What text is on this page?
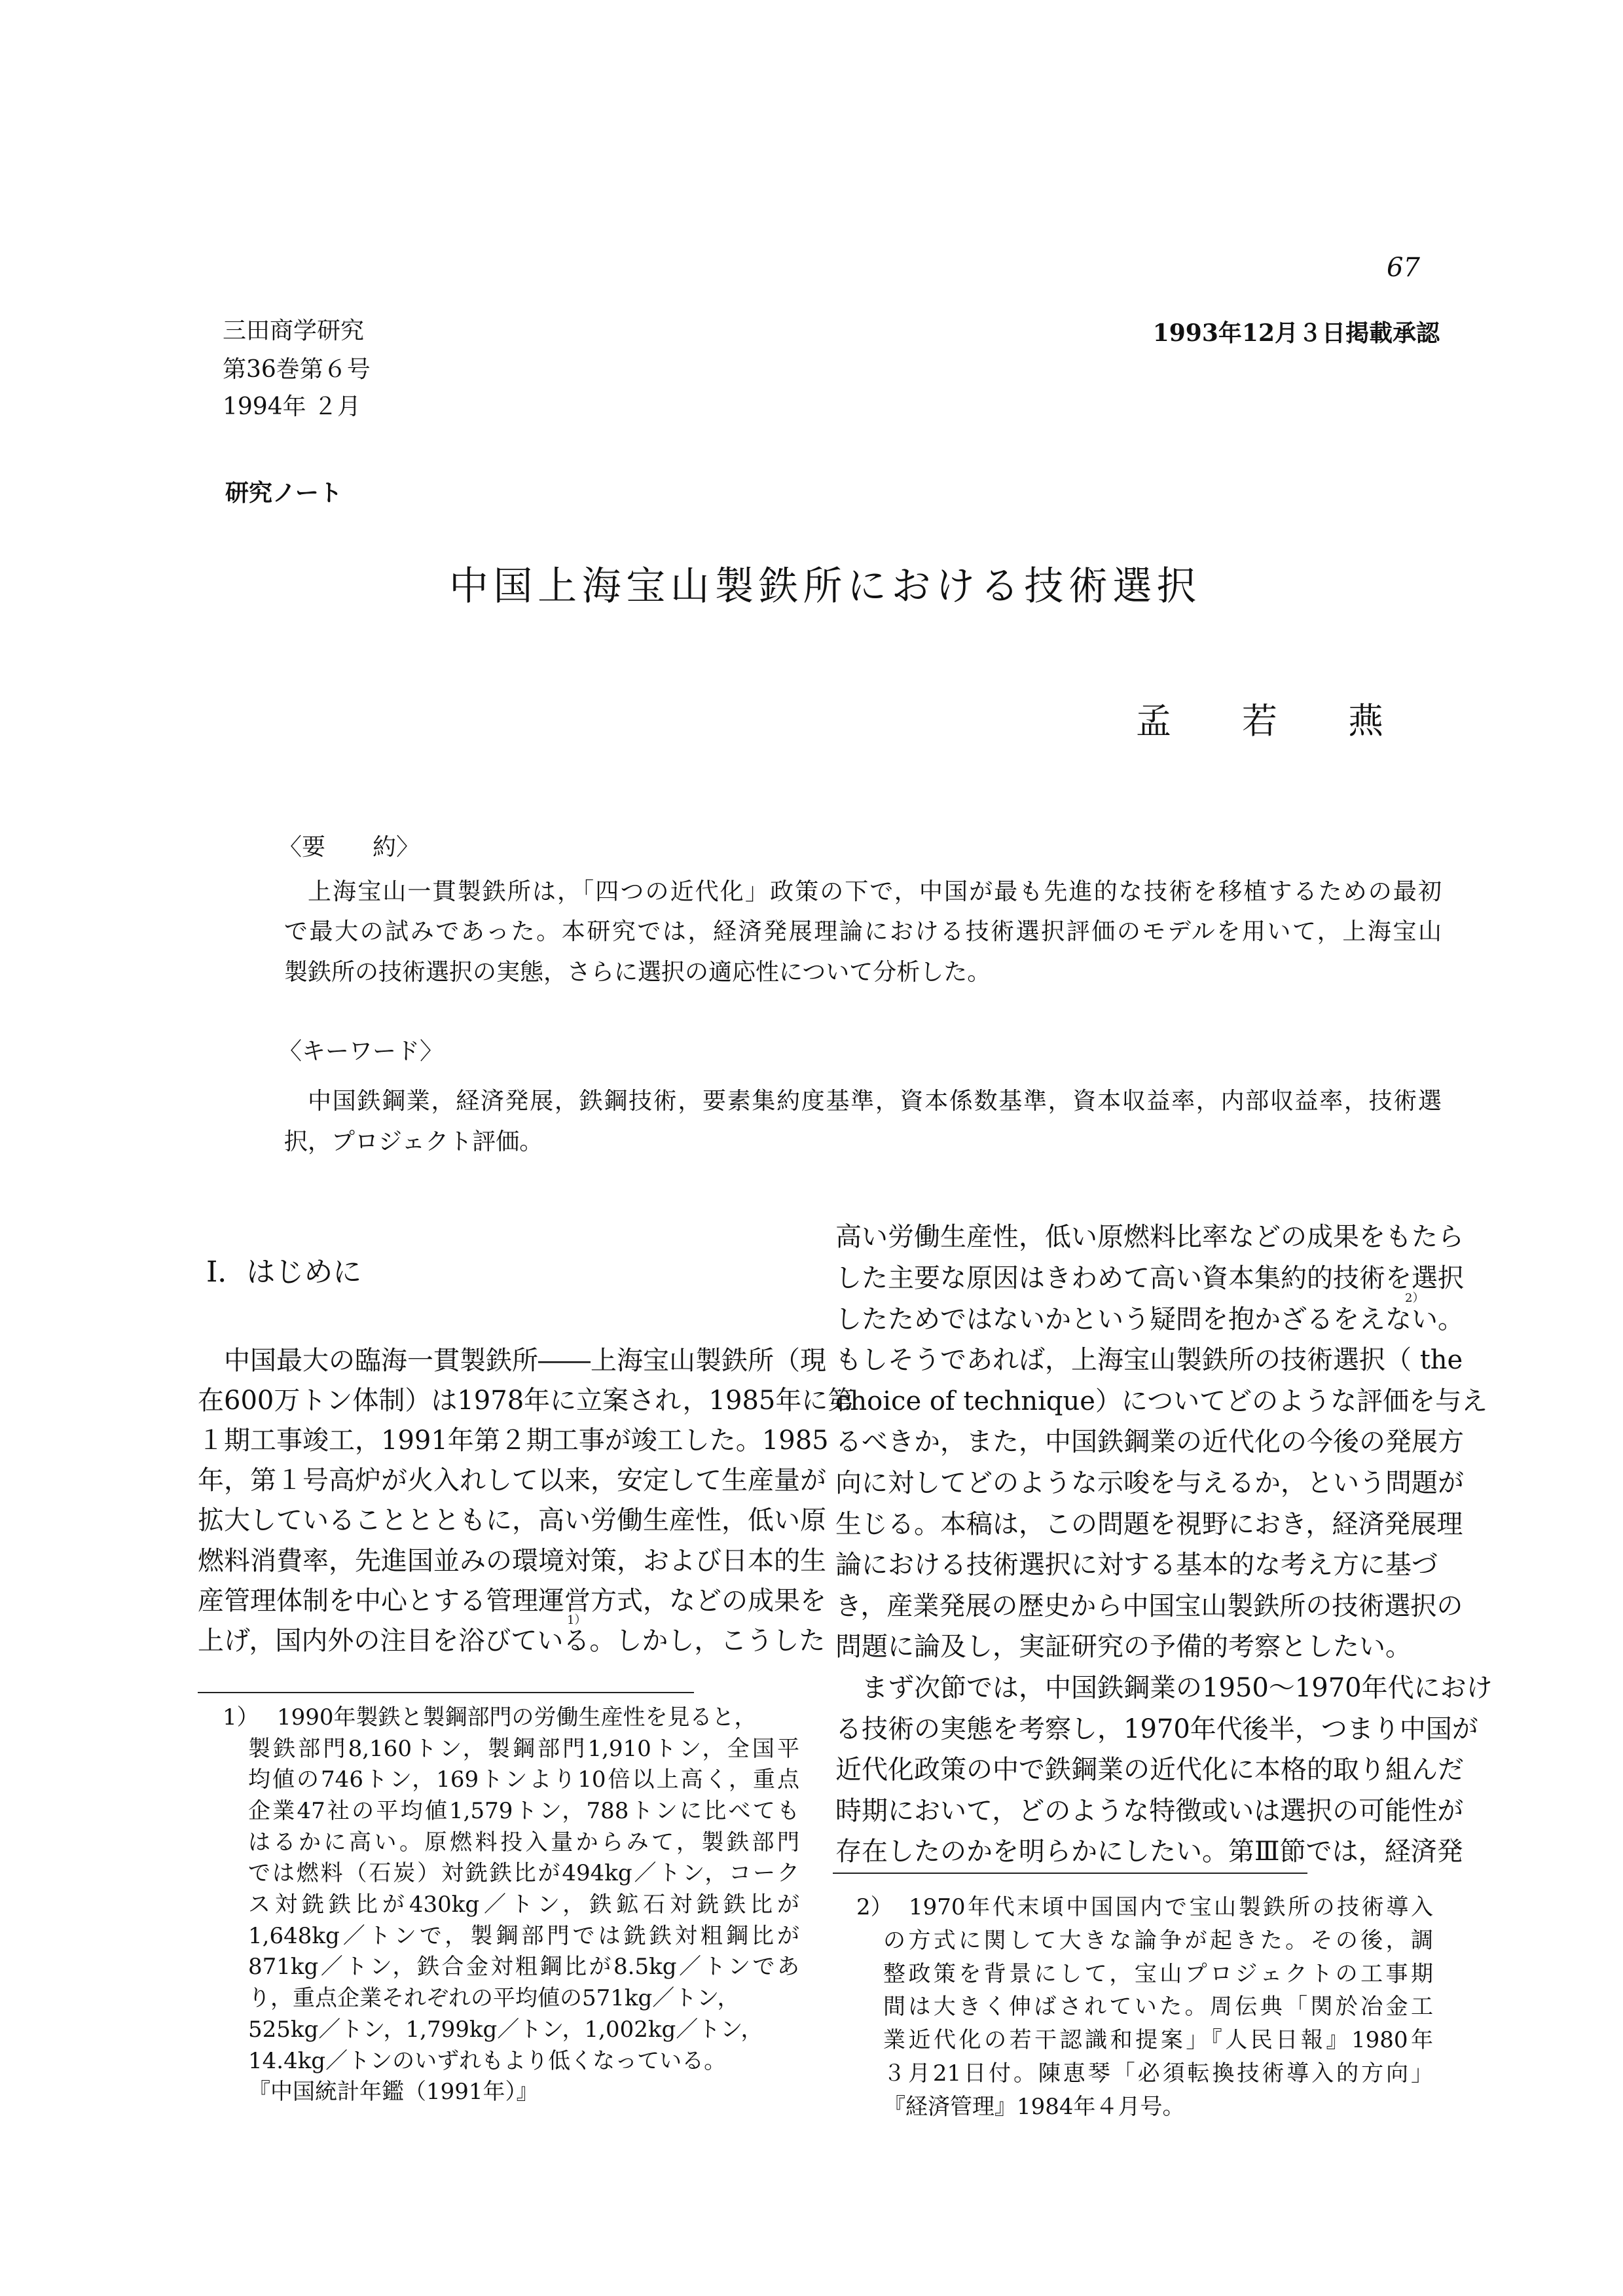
67
三田商学研究
第36巻第６号
1994年 ２月
1993年12月３日掲載承認
研究ノート
中国上海宝山製鉄所における技術選択
孟　　若　　燕
〈要　　約〉
上海宝山一貫製鉄所は，「四つの近代化」政策の下で，中国が最も先進的な技術を移植するための最初
で最大の試みであった。本研究では，経済発展理論における技術選択評価のモデルを用いて，上海宝山
製鉄所の技術選択の実態，さらに選択の適応性について分析した。
〈キーワード〉
中国鉄鋼業，経済発展，鉄鋼技術，要素集約度基準，資本係数基準，資本収益率，内部収益率，技術選
択，プロジェクト評価。
Ⅰ．はじめに
中国最大の臨海一貫製鉄所――上海宝山製鉄所（現
在600万トン体制）は1978年に立案され，1985年に第
１期工事竣工，1991年第２期工事が竣工した。1985
年，第１号高炉が火入れして以来，安定して生産量が
拡大していることとともに，高い労働生産性，低い原
燃料消費率，先進国並みの環境対策，および日本的生
産管理体制を中心とする管理運営方式，などの成果を
上げ，国内外の注目を浴びている。しかし，こうした
1）
高い労働生産性，低い原燃料比率などの成果をもたら
した主要な原因はきわめて高い資本集約的技術を選択
したためではないかという疑問を抱かざるをえない。
もしそうであれば，上海宝山製鉄所の技術選択（ the
choice of technique）についてどのような評価を与え
るべきか，また，中国鉄鋼業の近代化の今後の発展方
向に対してどのような示唆を与えるか，という問題が
生じる。本稿は，この問題を視野におき，経済発展理
論における技術選択に対する基本的な考え方に基づ
き，産業発展の歴史から中国宝山製鉄所の技術選択の
問題に論及し，実証研究の予備的考察としたい。
まず次節では，中国鉄鋼業の1950～1970年代におけ
る技術の実態を考察し，1970年代後半，つまり中国が
近代化政策の中で鉄鋼業の近代化に本格的取り組んだ
時期において，どのような特徴或いは選択の可能性が
存在したのかを明らかにしたい。第Ⅲ節では，経済発
2）
1） 1990年製鉄と製鋼部門の労働生産性を見ると，
製鉄部門8,160トン，製鋼部門1,910トン，全国平
均値の746トン，169トンより10倍以上高く，重点
企業47社の平均値1,579トン，788トンに比べても
はるかに高い。原燃料投入量からみて，製鉄部門
では燃料（石炭）対銑鉄比が494kg／トン，コーク
ス対銑鉄比が430kg／トン，鉄鉱石対銑鉄比が
1,648kg／トンで，製鋼部門では銑鉄対粗鋼比が
871kg／トン，鉄合金対粗鋼比が8.5kg／トンであ
り，重点企業それぞれの平均値の571kg／トン，
525kg／トン，1,799kg／トン，1,002kg／トン，
14.4kg／トンのいずれもより低くなっている。
『中国統計年鑑（1991年）』
2） 1970年代末頃中国国内で宝山製鉄所の技術導入
の方式に関して大きな論争が起きた。その後，調
整政策を背景にして，宝山プロジェクトの工事期
間は大きく伸ばされていた。周伝典「関於冶金工
業近代化の若干認識和提案」『人民日報』1980年
３月21日付。陳恵琴「必須転換技術導入的方向」
『経済管理』1984年４月号。
